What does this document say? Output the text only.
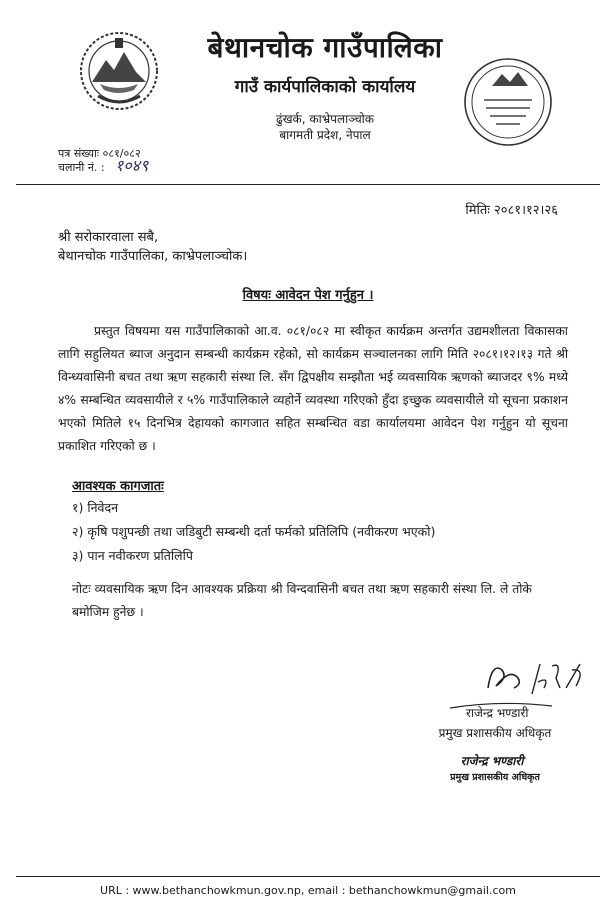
बेथानचोक गाउँपालिका
गाउँ कार्यपालिकाको कार्यालय
ढुंखर्क, काभ्रेपलाञ्चोक
बागमती प्रदेश, नेपाल
पत्र संख्याः ०८१/०८२
चलानी नं. : १०४९
मितिः २०८१।१२।२६
श्री सरोकारवाला सबै,
बेथानचोक गाउँपालिका, काभ्रेपलाञ्चोक।
विषयः आवेदन पेश गर्नुहुन ।

प्रस्तुत विषयमा यस गाउँपालिकाको आ.व. ०८१/०८२ मा स्वीकृत कार्यक्रम अन्तर्गत उद्यमशीलता विकासका लागि सहुलियत ब्याज अनुदान सम्बन्धी कार्यक्रम रहेको, सो कार्यक्रम सञ्चालनका लागि मिति २०८१।१२।१३ गते श्री विन्ध्यवासिनी बचत तथा ऋण सहकारी संस्था लि. सँग द्विपक्षीय सम्झौता भई व्यवसायिक ऋणको ब्याजदर ९% मध्ये ४% सम्बन्धित व्यवसायीले र ५% गाउँपालिकाले व्यहोर्ने व्यवस्था गरिएको हुँदा इच्छुक व्यवसायीले यो सूचना प्रकाशन भएको मितिले १५ दिनभित्र देहायको कागजात सहित सम्बन्धित वडा कार्यालयमा आवेदन पेश गर्नुहुन यो सूचना प्रकाशित गरिएको छ ।

आवश्यक कागजातः
१) निवेदन
२) कृषि पशुपन्छी तथा जडिबुटी सम्बन्धी दर्ता फर्मको प्रतिलिपि (नवीकरण भएको)
३) पान नवीकरण प्रतिलिपि
नोटः व्यवसायिक ऋण दिन आवश्यक प्रक्रिया श्री विन्दवासिनी बचत तथा ऋण सहकारी संस्था लि. ले तोके बमोजिम हुनेछ ।
राजेन्द्र भण्डारी
प्रमुख प्रशासकीय अधिकृत
राजेन्द्र भण्डारी
प्रमुख प्रशासकीय अधिकृत
URL : www.bethanchowkmun.gov.np, email : bethanchowkmun@gmail.com
